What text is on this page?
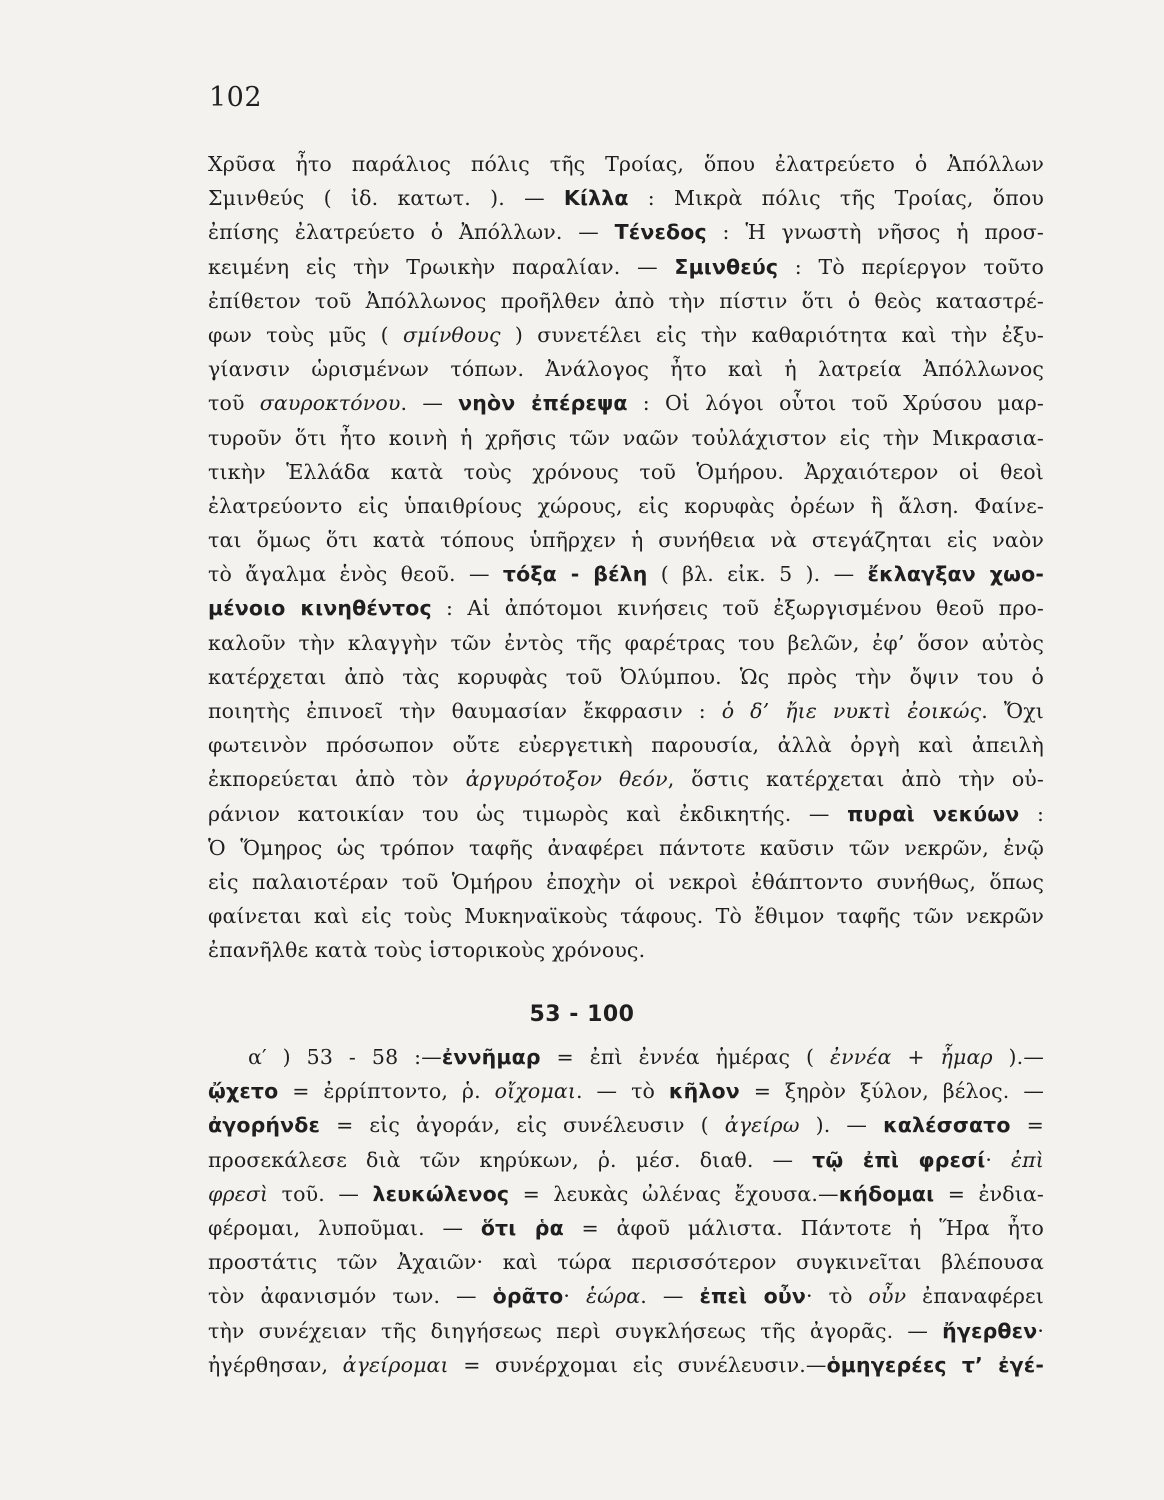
102
Χρῦσα ἦτο παράλιος πόλις τῆς Τροίας, ὅπου ἐλατρεύετο ὁ Ἀπόλλων
Σμινθεύς ( ἰδ. κατωτ. ). — Κίλλα : Μικρὰ πόλις τῆς Τροίας, ὅπου
ἐπίσης ἐλατρεύετο ὁ Ἀπόλλων. — Τένεδος : Ἡ γνωστὴ νῆσος ἡ προσ-
κειμένη εἰς τὴν Τρωικὴν παραλίαν. — Σμινθεύς : Τὸ περίεργον τοῦτο
ἐπίθετον τοῦ Ἀπόλλωνος προῆλθεν ἀπὸ τὴν πίστιν ὅτι ὁ θεὸς καταστρέ-
φων τοὺς μῦς ( σμίνθους ) συνετέλει εἰς τὴν καθαριότητα καὶ τὴν ἐξυ-
γίανσιν ὡρισμένων τόπων. Ἀνάλογος ἦτο καὶ ἡ λατρεία Ἀπόλλωνος
τοῦ σαυροκτόνου. — νηὸν ἐπέρεψα : Οἱ λόγοι οὗτοι τοῦ Χρύσου μαρ-
τυροῦν ὅτι ἦτο κοινὴ ἡ χρῆσις τῶν ναῶν τοὐλάχιστον εἰς τὴν Μικρασια-
τικὴν Ἑλλάδα κατὰ τοὺς χρόνους τοῦ Ὁμήρου. Ἀρχαιότερον οἱ θεοὶ
ἐλατρεύοντο εἰς ὑπαιθρίους χώρους, εἰς κορυφὰς ὀρέων ἢ ἄλση. Φαίνε-
ται ὅμως ὅτι κατὰ τόπους ὑπῆρχεν ἡ συνήθεια νὰ στεγάζηται εἰς ναὸν
τὸ ἄγαλμα ἑνὸς θεοῦ. — τόξα - βέλη ( βλ. εἰκ. 5 ). — ἔκλαγξαν χωο-
μένοιο κινηθέντος : Αἱ ἀπότομοι κινήσεις τοῦ ἐξωργισμένου θεοῦ προ-
καλοῦν τὴν κλαγγὴν τῶν ἐντὸς τῆς φαρέτρας του βελῶν, ἐφ’ ὅσον αὐτὸς
κατέρχεται ἀπὸ τὰς κορυφὰς τοῦ Ὀλύμπου. Ὡς πρὸς τὴν ὄψιν του ὁ
ποιητὴς ἐπινοεῖ τὴν θαυμασίαν ἔκφρασιν : ὁ δ’ ἤιε νυκτὶ ἐοικώς. Ὄχι
φωτεινὸν πρόσωπον οὔτε εὐεργετικὴ παρουσία, ἀλλὰ ὀργὴ καὶ ἀπειλὴ
ἐκπορεύεται ἀπὸ τὸν ἀργυρότοξον θεόν, ὅστις κατέρχεται ἀπὸ τὴν οὐ-
ράνιον κατοικίαν του ὡς τιμωρὸς καὶ ἐκδικητής. — πυραὶ νεκύων :
Ὁ Ὅμηρος ὡς τρόπον ταφῆς ἀναφέρει πάντοτε καῦσιν τῶν νεκρῶν, ἐνῷ
εἰς παλαιοτέραν τοῦ Ὁμήρου ἐποχὴν οἱ νεκροὶ ἐθάπτοντο συνήθως, ὅπως
φαίνεται καὶ εἰς τοὺς Μυκηναϊκοὺς τάφους. Τὸ ἔθιμον ταφῆς τῶν νεκρῶν
ἐπανῆλθε κατὰ τοὺς ἱστορικοὺς χρόνους.
53 - 100
α′ ) 53 - 58 :—ἐννῆμαρ = ἐπὶ ἐννέα ἡμέρας ( ἐννέα + ἦμαρ ).—
ᾤχετο = ἐρρίπτοντο, ῥ. οἴχομαι. — τὸ κῆλον = ξηρὸν ξύλον, βέλος. —
ἀγορήνδε = εἰς ἀγοράν, εἰς συνέλευσιν ( ἀγείρω ). — καλέσσατο =
προσεκάλεσε διὰ τῶν κηρύκων, ῥ. μέσ. διαθ. — τῷ ἐπὶ φρεσί· ἐπὶ
φρεσὶ τοῦ. — λευκώλενος = λευκὰς ὠλένας ἔχουσα.—κήδομαι = ἐνδια-
φέρομαι, λυποῦμαι. — ὅτι ῥα = ἀφοῦ μάλιστα. Πάντοτε ἡ Ἥρα ἦτο
προστάτις τῶν Ἀχαιῶν· καὶ τώρα περισσότερον συγκινεῖται βλέπουσα
τὸν ἀφανισμόν των. — ὁρᾶτο· ἑώρα. — ἐπεὶ οὖν· τὸ οὖν ἐπαναφέρει
τὴν συνέχειαν τῆς διηγήσεως περὶ συγκλήσεως τῆς ἀγορᾶς. — ἤγερθεν·
ἠγέρθησαν, ἀγείρομαι = συνέρχομαι εἰς συνέλευσιν.—ὁμηγερέες τ’ ἐγέ-
